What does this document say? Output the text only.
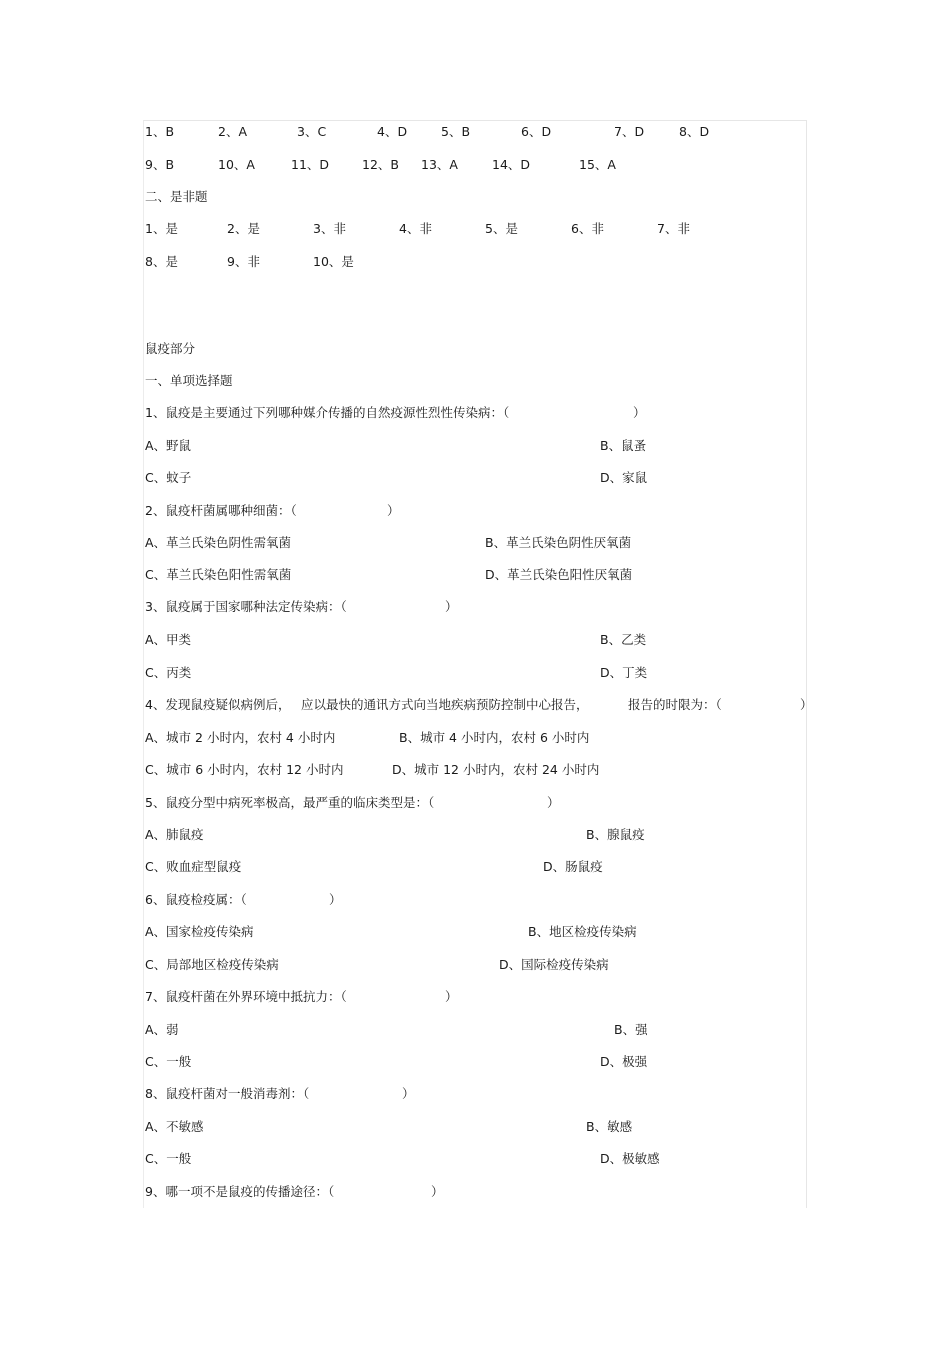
1、B	2、A	3、C	4、D	5、B	6、D	7、D	8、D
9、B	10、A	11、D	12、B 13、A	14、D	15、A
二、是非题
1、是	2、是	3、非	4、非	5、是	6、非	7、非
8、是	9、非	10、是
鼠疫部分
一、单项选择题
1、鼠疫是主要通过下列哪种媒介传播的自然疫源性烈性传染病：（	）
A、野鼠	B、鼠蚤
C、蚊子	D、家鼠
2、鼠疫杆菌属哪种细菌：（	）
A、革兰氏染色阴性需氧菌	B、革兰氏染色阴性厌氧菌
C、革兰氏染色阳性需氧菌	D、革兰氏染色阳性厌氧菌
3、鼠疫属于国家哪种法定传染病：（	）
A、甲类	B、乙类
C、丙类	D、丁类
4、发现鼠疫疑似病例后， 应以最快的通讯方式向当地疾病预防控制中心报告，	报告的时限为：（	）
A、城市 2 小时内，农村 4 小时内	B、城市 4 小时内，农村 6 小时内
C、城市 6 小时内，农村 12 小时内	D、城市 12 小时内，农村 24 小时内
5、鼠疫分型中病死率极高，最严重的临床类型是：（	）
A、肺鼠疫	B、腺鼠疫
C、败血症型鼠疫	D、肠鼠疫
6、鼠疫检疫属：（	）
A、国家检疫传染病	B、地区检疫传染病
C、局部地区检疫传染病	D、国际检疫传染病
7、鼠疫杆菌在外界环境中抵抗力：（	）
A、弱	B、强
C、一般	D、极强
8、鼠疫杆菌对一般消毒剂：（	）
A、不敏感	B、敏感
C、一般	D、极敏感
9、哪一项不是鼠疫的传播途径：（	）
